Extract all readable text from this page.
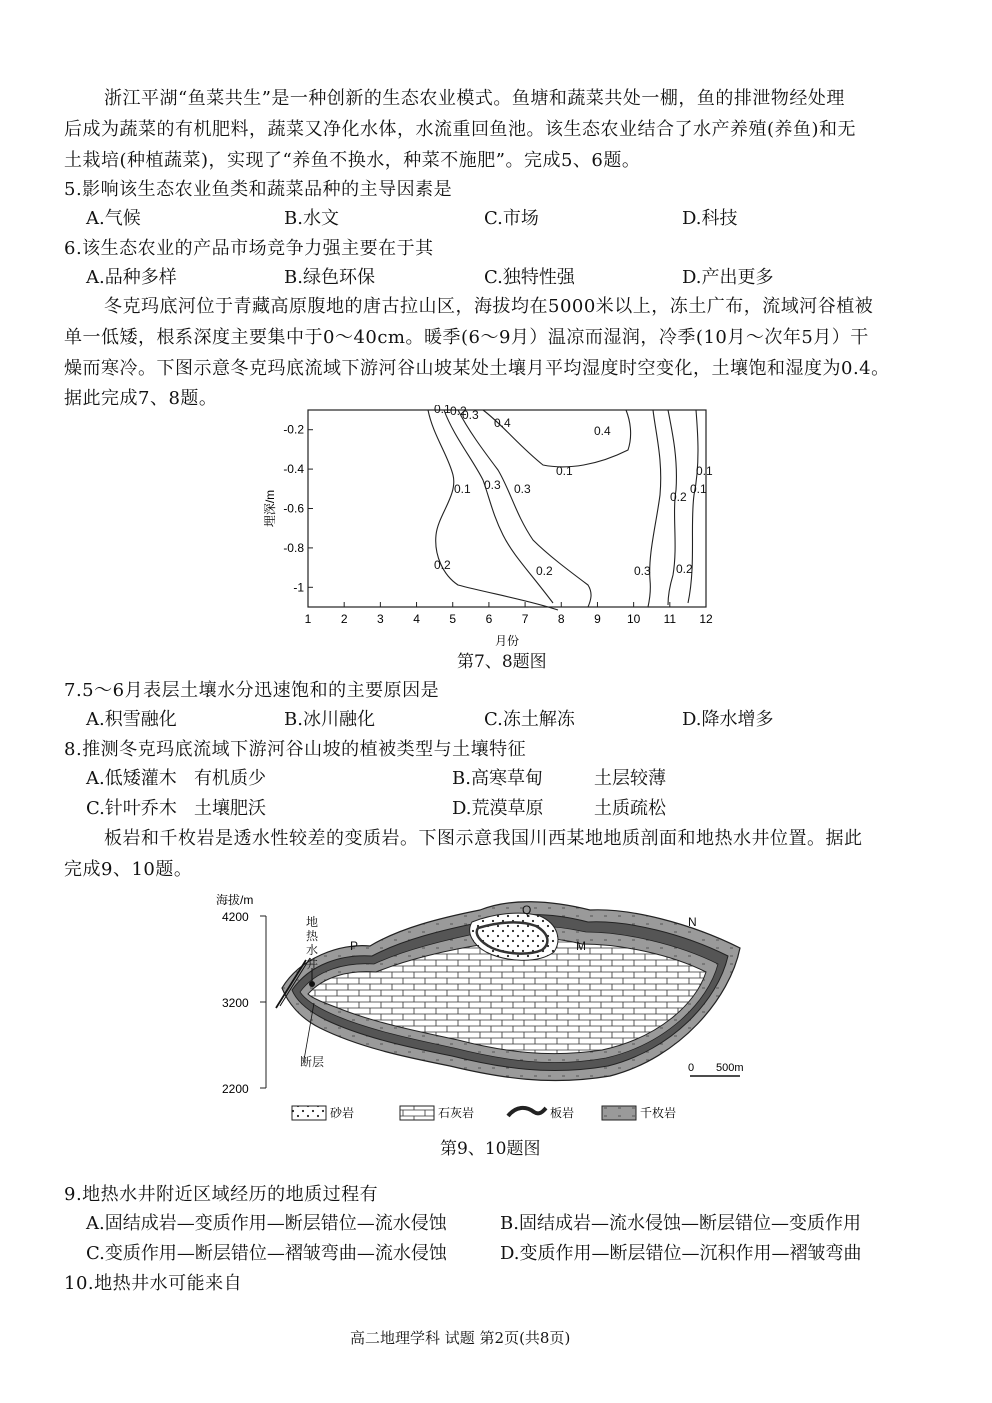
浙江平湖“鱼菜共生”是一种创新的生态农业模式。鱼塘和蔬菜共处一棚，鱼的排泄物经处理
后成为蔬菜的有机肥料，蔬菜又净化水体，水流重回鱼池。该生态农业结合了水产养殖(养鱼)和无
土栽培(种植蔬菜)，实现了“养鱼不换水，种菜不施肥”。完成5、6题。
5.影响该生态农业鱼类和蔬菜品种的主导因素是
A.气候	B.水文	C.市场	D.科技
6.该生态农业的产品市场竞争力强主要在于其
A.品种多样	B.绿色环保	C.独特性强	D.产出更多
冬克玛底河位于青藏高原腹地的唐古拉山区，海拔均在5000米以上，冻土广布，流域河谷植被
单一低矮，根系深度主要集中于0～40cm。暖季(6～9月）温凉而湿润，冷季(10月～次年5月）干
燥而寒冷。下图示意冬克玛底流域下游河谷山坡某处土壤月平均湿度时空变化，土壤饱和湿度为0.4。
据此完成7、8题。
1 2 3 4 5 6 7 8 9 10 11 12
-0.2
-0.4
-0.6
-0.8
-1
月份
埋深/m
0.1 0.2
0.3
0.4
0.4
0.1
0.1
0.2
0.3 0.3
0.2
0.1
0.2
0.3 0.2
0.1
第7、8题图
7.5～6月表层土壤水分迅速饱和的主要原因是
A.积雪融化	B.冰川融化	C.冻土解冻	D.降水增多
8.推测冬克玛底流域下游河谷山坡的植被类型与土壤特征
A.低矮灌木 有机质少	B.高寒草甸	土层较薄
C.针叶乔木 土壤肥沃	D.荒漠草原	土质疏松
板岩和千枚岩是透水性较差的变质岩。下图示意我国川西某地地质剖面和地热水井位置。据此
完成9、10题。
海拔/m
4200
3200
2200
地
热
水
井
断层
P
Q
M
N
0 500m
砂岩	石灰岩	板岩	千枚岩
第9、10题图
9.地热水井附近区域经历的地质过程有
A.固结成岩—变质作用—断层错位—流水侵蚀	B.固结成岩—流水侵蚀—断层错位—变质作用
C.变质作用—断层错位—褶皱弯曲—流水侵蚀	D.变质作用—断层错位—沉积作用—褶皱弯曲
10.地热井水可能来自
高二地理学科 试题 第2页(共8页)
